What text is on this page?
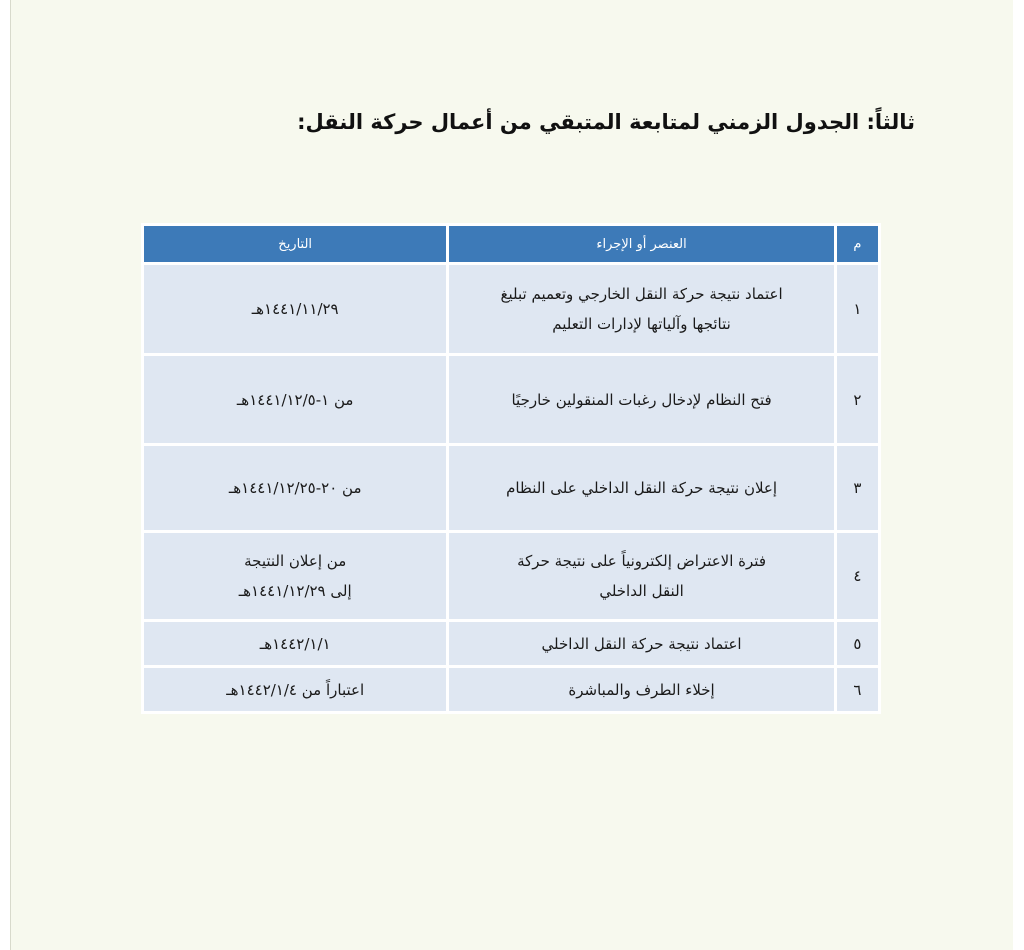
ثالثاً: الجدول الزمني لمتابعة المتبقي من أعمال حركة النقل:
م	العنصر أو الإجراء	التاريخ
١	اعتماد نتيجة حركة النقل الخارجي وتعميم تبليغ
نتائجها وآلياتها لإدارات التعليم	١٤٤١/١١/٢٩هـ

٢	فتح النظام لإدخال رغبات المنقولين خارجيًا	من ١-١٤٤١/١٢/٥هـ

٣	إعلان نتيجة حركة النقل الداخلي على النظام	من ٢٠-١٤٤١/١٢/٢٥هـ

٤	فترة الاعتراض إلكترونياً على نتيجة حركة
النقل الداخلي	من إعلان النتيجة
إلى ١٤٤١/١٢/٢٩هـ

٥	اعتماد نتيجة حركة النقل الداخلي	١٤٤٢/١/١هـ

٦	إخلاء الطرف والمباشرة	اعتباراً من ١٤٤٢/١/٤هـ
